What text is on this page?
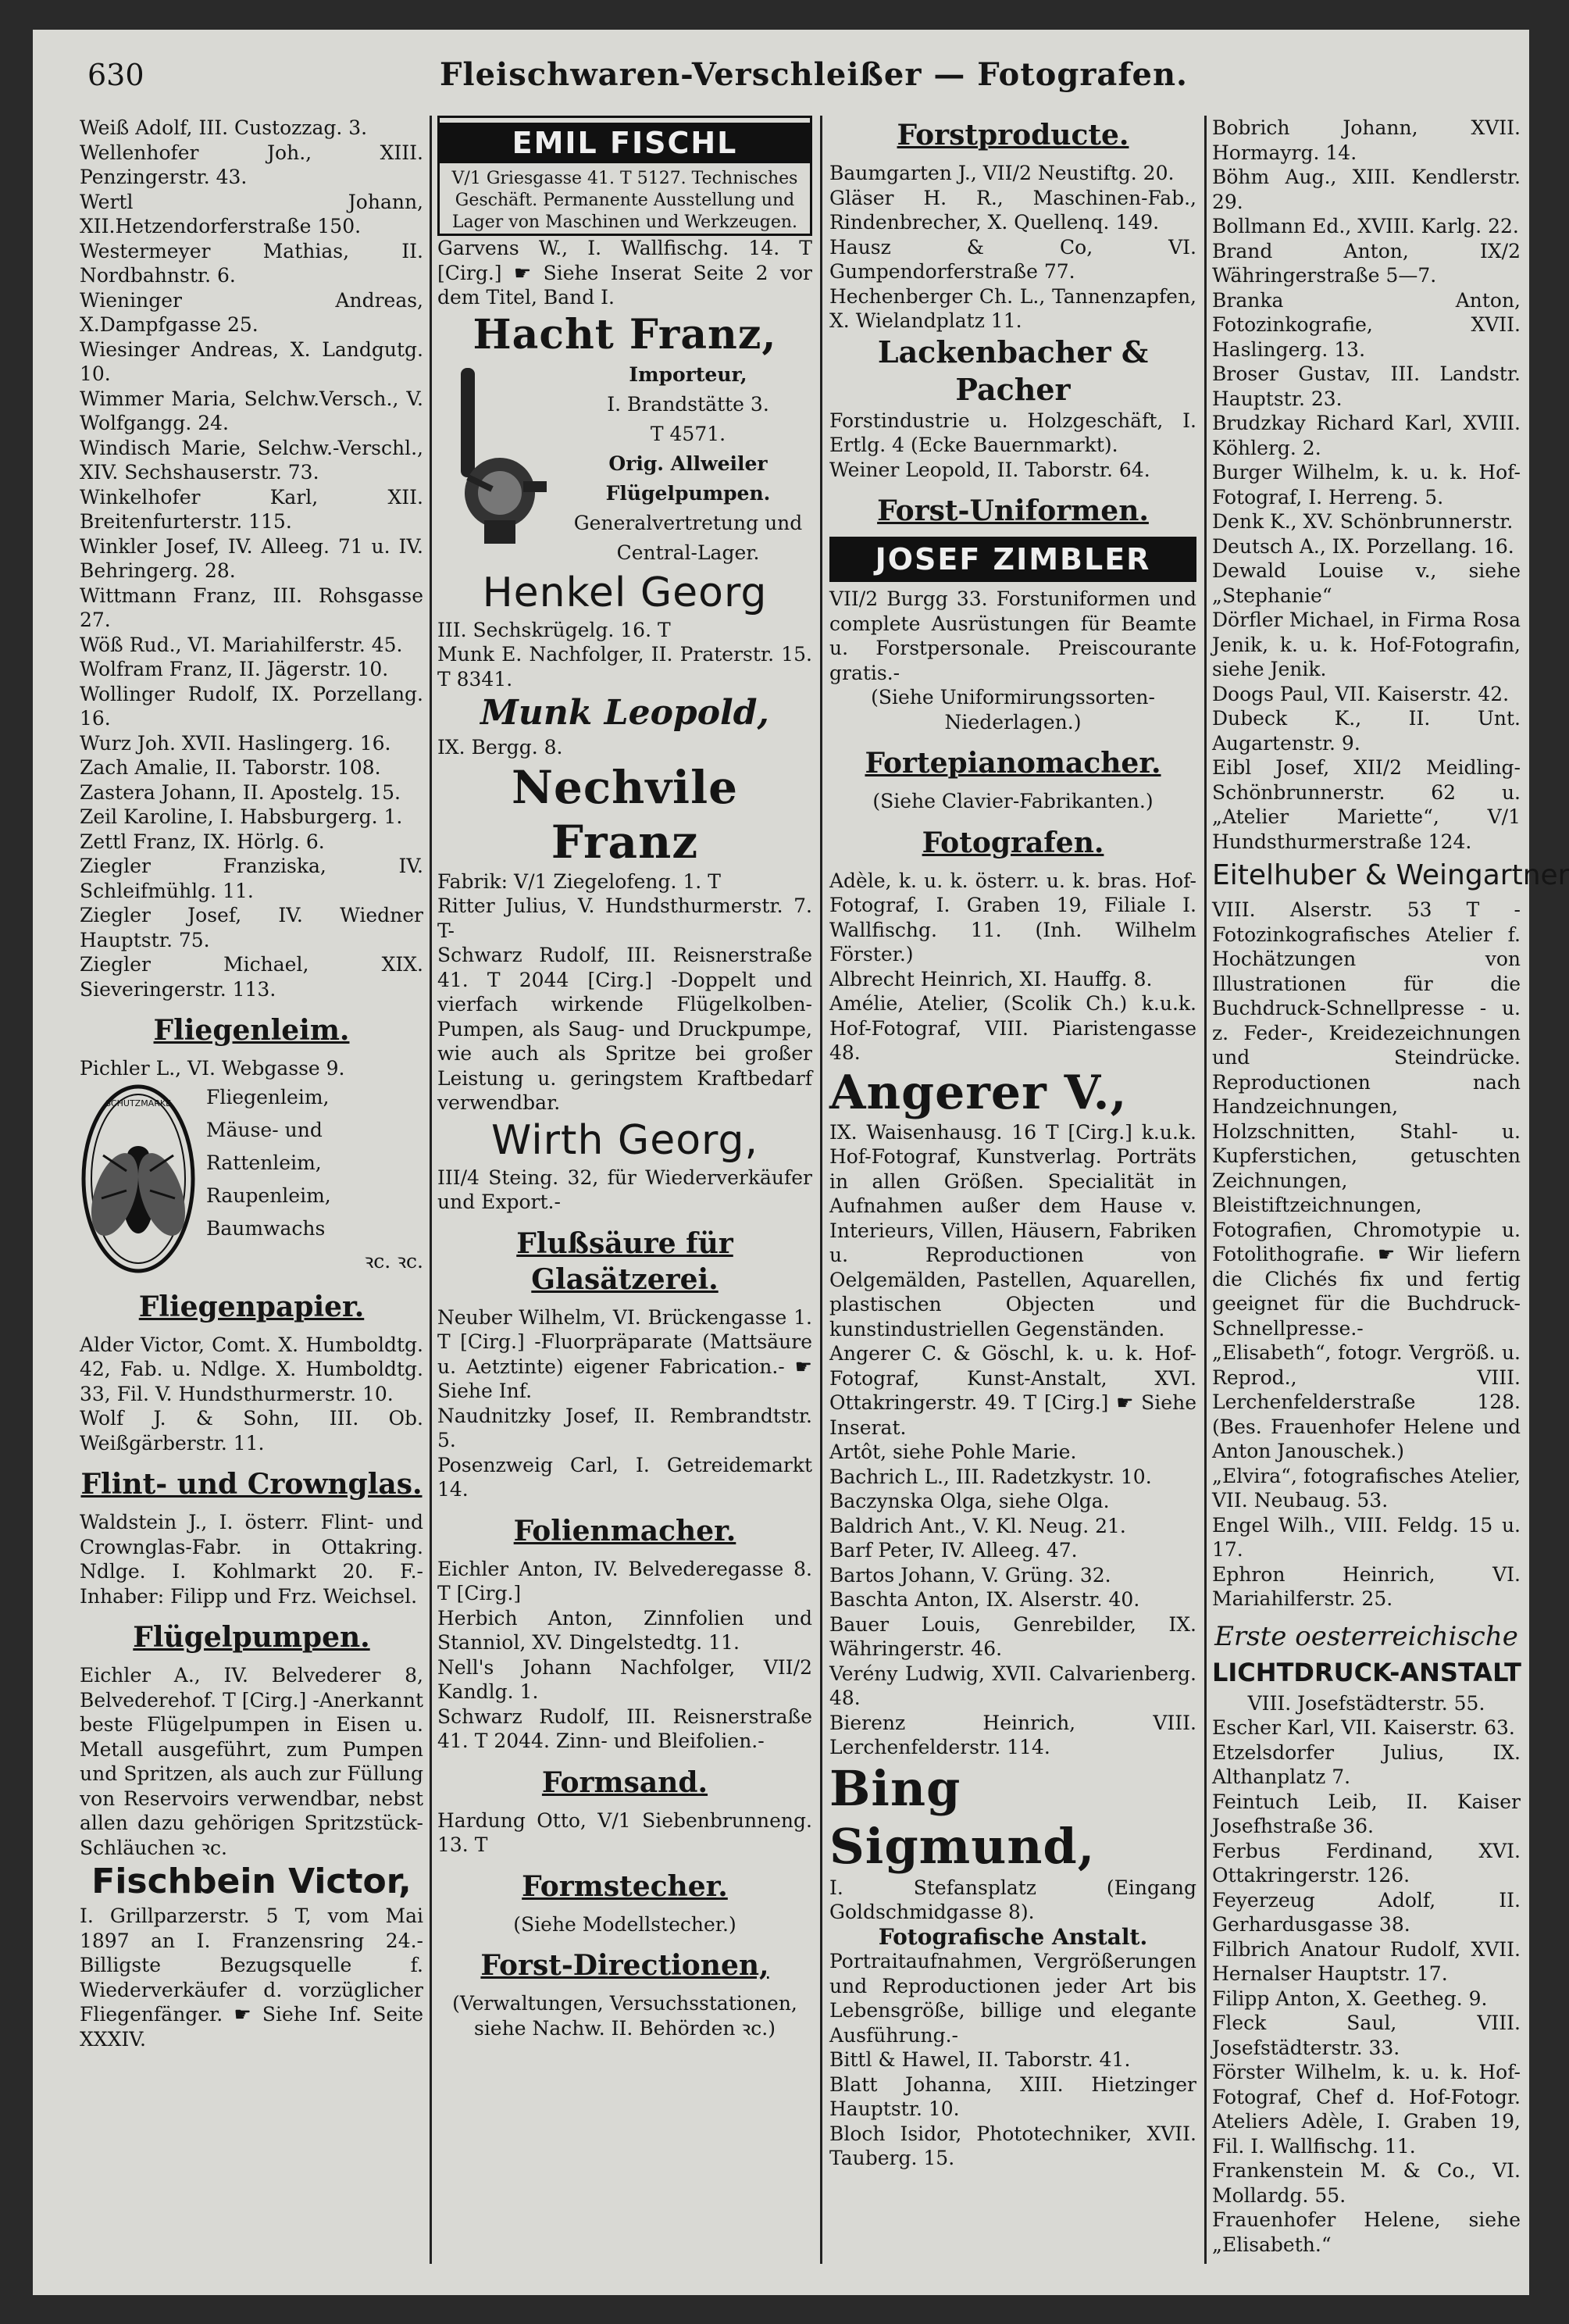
630	Fleischwaren-Verschleißer — Fotografen.

Weiß Adolf, III. Custozzag. 3.

Wellenhofer Joh., XIII. Penzingerstr. 43.

Wertl Johann, XII.Hetzendorferstraße 150.

Westermeyer Mathias, II. Nordbahnstr. 6.

Wieninger Andreas, X.Dampfgasse 25.

Wiesinger Andreas, X. Landgutg. 10.

Wimmer Maria, Selchw.Versch., V. Wolfgangg. 24.

Windisch Marie, Selchw.-Verschl., XIV. Sechshauserstr. 73.

Winkelhofer Karl, XII. Breitenfurterstr. 115.

Winkler Josef, IV. Alleeg. 71 u. IV. Behringerg. 28.

Wittmann Franz, III. Rohsgasse 27.

Wöß Rud., VI. Mariahilferstr. 45.

Wolfram Franz, II. Jägerstr. 10.

Wollinger Rudolf, IX. Porzellang. 16.

Wurz Joh. XVII. Haslingerg. 16.

Zach Amalie, II. Taborstr. 108.

Zastera Johann, II. Apostelg. 15.

Zeil Karoline, I. Habsburgerg. 1.

Zettl Franz, IX. Hörlg. 6.

Ziegler Franziska, IV. Schleifmühlg. 11.

Ziegler Josef, IV. Wiedner Hauptstr. 75.

Ziegler Michael, XIX. Sieveringerstr. 113.

Fliegenleim.

Pichler L., VI. Webgasse 9.

SCHUTZMARKE Fliegenleim,
Mäuse- und
Rattenleim,
Raupenleim,
Baumwachs
ꝛc. ꝛc.
Fliegenpapier.

Alder Victor, Comt. X. Humboldtg. 42, Fab. u. Ndlge. X. Humboldtg. 33, Fil. V. Hundsthurmerstr. 10.

Wolf J. & Sohn, III. Ob. Weißgärberstr. 11.

Flint- und Crownglas.

Waldstein J., I. österr. Flint- und Crownglas-Fabr. in Ottakring. Ndlge. I. Kohlmarkt 20. F.-Inhaber: Filipp und Frz. Weichsel.

Flügelpumpen.

Eichler A., IV. Belvederег 8, Belvederehof. T [Cirg.] -Anerkannt beste Flügelpumpen in Eisen u. Metall ausgeführt, zum Pumpen und Spritzen, als auch zur Füllung von Reservoirs verwendbar, nebst allen dazu gehörigen Spritzstück-Schläuchen ꝛc.

Fischbein Victor,

I. Grillparzerstr. 5 T, vom Mai 1897 an I. Franzensring 24.- Billigste Bezugsquelle f. Wiederverkäufer d. vorzüglicher Fliegenfänger. ☛ Siehe Inf. Seite XXXIV.

EMIL FISCHL

V/1 Griesgasse 41. T 5127. Technisches Geschäft. Permanente Ausstellung und Lager von Maschinen und Werkzeugen.

Garvens W., I. Wallfischg. 14. T [Cirg.] ☛ Siehe Inserat Seite 2 vor dem Titel, Band I.

Hacht Franz,
Importeur,
I. Brandstätte 3.
T 4571.
Orig. Allweiler Flügelpumpen.
Generalvertretung und Central-Lager.
Henkel Georg

III. Sechskrügelg. 16. T

Munk E. Nachfolger, II. Praterstr. 15. T 8341.

Munk Leopold,

IX. Bergg. 8.

Nechvile Franz

Fabrik: V/1 Ziegelofeng. 1. T

Ritter Julius, V. Hundsthurmerstr. 7. T-

Schwarz Rudolf, III. Reisnerstraße 41. T 2044 [Cirg.] -Doppelt und vierfach wirkende Flügelkolben-Pumpen, als Saug- und Druckpumpe, wie auch als Spritze bei großer Leistung u. geringstem Kraftbedarf verwendbar.

Wirth Georg,

III/4 Steing. 32, für Wiederverkäufer und Export.-

Flußsäure für Glasätzerei.

Neuber Wilhelm, VI. Brückengasse 1. T [Cirg.] -Fluorpräparate (Mattsäure u. Aetztinte) eigener Fabrication.- ☛ Siehe Inf.

Naudnitzky Josef, II. Rembrandtstr. 5.

Posenzweig Carl, I. Getreidemarkt 14.

Folienmacher.

Eichler Anton, IV. Belvederegasse 8. T [Cirg.]

Herbich Anton, Zinnfolien und Stanniol, XV. Dingelstedtg. 11.

Nell's Johann Nachfolger, VII/2 Kandlg. 1.

Schwarz Rudolf, III. Reisnerstraße 41. T 2044. Zinn- und Bleifolien.-

Formsand.

Hardung Otto, V/1 Siebenbrunneng. 13. T

Formstecher.

(Siehe Modellstecher.)

Forst-Directionen,

(Verwaltungen, Versuchsstationen, siehe Nachw. II. Behörden ꝛc.)

Forstproducte.

Baumgarten J., VII/2 Neustiftg. 20.

Gläser H. R., Maschinen-Fab., Rindenbrecher, X. Quellenq. 149.

Hausz & Co, VI. Gumpendorferstraße 77.

Hechenberger Ch. L., Tannenzapfen, X. Wielandplatz 11.

Lackenbacher & Pacher

Forstindustrie u. Holzgeschäft, I. Ertlg. 4 (Ecke Bauernmarkt).

Weiner Leopold, II. Taborstr. 64.

Forst-Uniformen.
JOSEF ZIMBLER

VII/2 Burgg 33. Forstuniformen und complete Ausrüstungen für Beamte u. Forstpersonale. Preiscourante gratis.-

(Siehe Uniformirungssorten-Niederlagen.)

Fortepianomacher.

(Siehe Clavier-Fabrikanten.)

Fotografen.

Adèle, k. u. k. österr. u. k. bras. Hof-Fotograf, I. Graben 19, Filiale I. Wallfischg. 11. (Inh. Wilhelm Förster.)

Albrecht Heinrich, XI. Hauffg. 8.

Amélie, Atelier, (Scolik Ch.) k.u.k. Hof-Fotograf, VIII. Piaristengasse 48.

Angerer V.,

IX. Waisenhausg. 16 T [Cirg.] k.u.k. Hof-Fotograf, Kunstverlag. Porträts in allen Größen. Specialität in Aufnahmen außer dem Hause v. Interieurs, Villen, Häusern, Fabriken u. Reproductionen von Oelgemälden, Pastellen, Aquarellen, plastischen Objecten und kunstindustriellen Gegenständen.

Angerer C. & Göschl, k. u. k. Hof-Fotograf, Kunst-Anstalt, XVI. Ottakringerstr. 49. T [Cirg.] ☛ Siehe Inserat.

Artôt, siehe Pohle Marie.

Bachrich L., III. Radetzkystr. 10.

Baczynska Olga, siehe Olga.

Baldrich Ant., V. Kl. Neug. 21.

Barf Peter, IV. Alleeg. 47.

Bartos Johann, V. Grüng. 32.

Baschta Anton, IX. Alserstr. 40.

Bauer Louis, Genrebilder, IX. Währingerstr. 46.

Verény Ludwig, XVII. Calvarienberg. 48.

Bierenz Heinrich, VIII. Lerchenfelderstr. 114.

Bing Sigmund,

I. Stefansplatz (Eingang Goldschmidgasse 8).

Fotografische Anstalt.

Portraitaufnahmen, Vergrößerungen und Reproductionen jeder Art bis Lebensgröße, billige und elegante Ausführung.-

Bittl & Hawel, II. Taborstr. 41.

Blatt Johanna, XIII. Hietzinger Hauptstr. 10.

Bloch Isidor, Phototechniker, XVII. Tauberg. 15.

Bobrich Johann, XVII. Hormayrg. 14.

Böhm Aug., XIII. Kendlerstr. 29.

Bollmann Ed., XVIII. Karlg. 22.

Brand Anton, IX/2 Währingerstraße 5—7.

Branka Anton, Fotozinkografie, XVII. Haslingerg. 13.

Broser Gustav, III. Landstr. Hauptstr. 23.

Brudzkay Richard Karl, XVIII. Köhlerg. 2.

Burger Wilhelm, k. u. k. Hof-Fotograf, I. Herreng. 5.

Denk K., XV. Schönbrunnerstr.

Deutsch A., IX. Porzellang. 16.

Dewald Louise v., siehe „Stephanie“

Dörfler Michael, in Firma Rosa Jenik, k. u. k. Hof-Fotografin, siehe Jenik.

Doogs Paul, VII. Kaiserstr. 42.

Dubeck K., II. Unt. Augartenstr. 9.

Eibl Josef, XII/2 Meidling-Schönbrunnerstr. 62 u. „Atelier Mariette“, V/1 Hundsthurmerstraße 124.

Eitelhuber & Weingartner

VIII. Alserstr. 53 T - Fotozinkografisches Atelier f. Hochätzungen von Illustrationen für die Buchdruck-Schnellpresse - u. z. Feder-, Kreidezeichnungen und Steindrücke. Reproductionen nach Handzeichnungen, Holzschnitten, Stahl- u. Kupferstichen, getuschten Zeichnungen, Bleistiftzeichnungen, Fotografien, Chromotypie u. Fotolithografie. ☛ Wir liefern die Clichés fix und fertig geeignet für die Buchdruck-Schnellpresse.-

„Elisabeth“, fotogr. Vergröß. u. Reprod., VIII. Lerchenfelderstraße 128. (Bes. Frauenhofer Helene und Anton Janouschek.)

„Elvira“, fotografisches Atelier, VII. Neubaug. 53.

Engel Wilh., VIII. Feldg. 15 u. 17.

Ephron Heinrich, VI. Mariahilferstr. 25.

Erste oesterreichische
LICHTDRUCK-ANSTALT

VIII. Josefstädterstr. 55.

Escher Karl, VII. Kaiserstr. 63.

Etzelsdorfer Julius, IX. Althanplatz 7.

Feintuch Leib, II. Kaiser Josefhstraße 36.

Ferbus Ferdinand, XVI. Ottakringerstr. 126.

Feyerzeug Adolf, II. Gerhardusgasse 38.

Filbrich Anatour Rudolf, XVII. Hernalser Hauptstr. 17.

Filipp Anton, X. Geetheg. 9.

Fleck Saul, VIII. Josefstädterstr. 33.

Förster Wilhelm, k. u. k. Hof-Fotograf, Chef d. Hof-Fotogr. Ateliers Adèle, I. Graben 19, Fil. I. Wallfischg. 11.

Frankenstein M. & Co., VI. Mollardg. 55.

Frauenhofer Helene, siehe „Elisabeth.“
